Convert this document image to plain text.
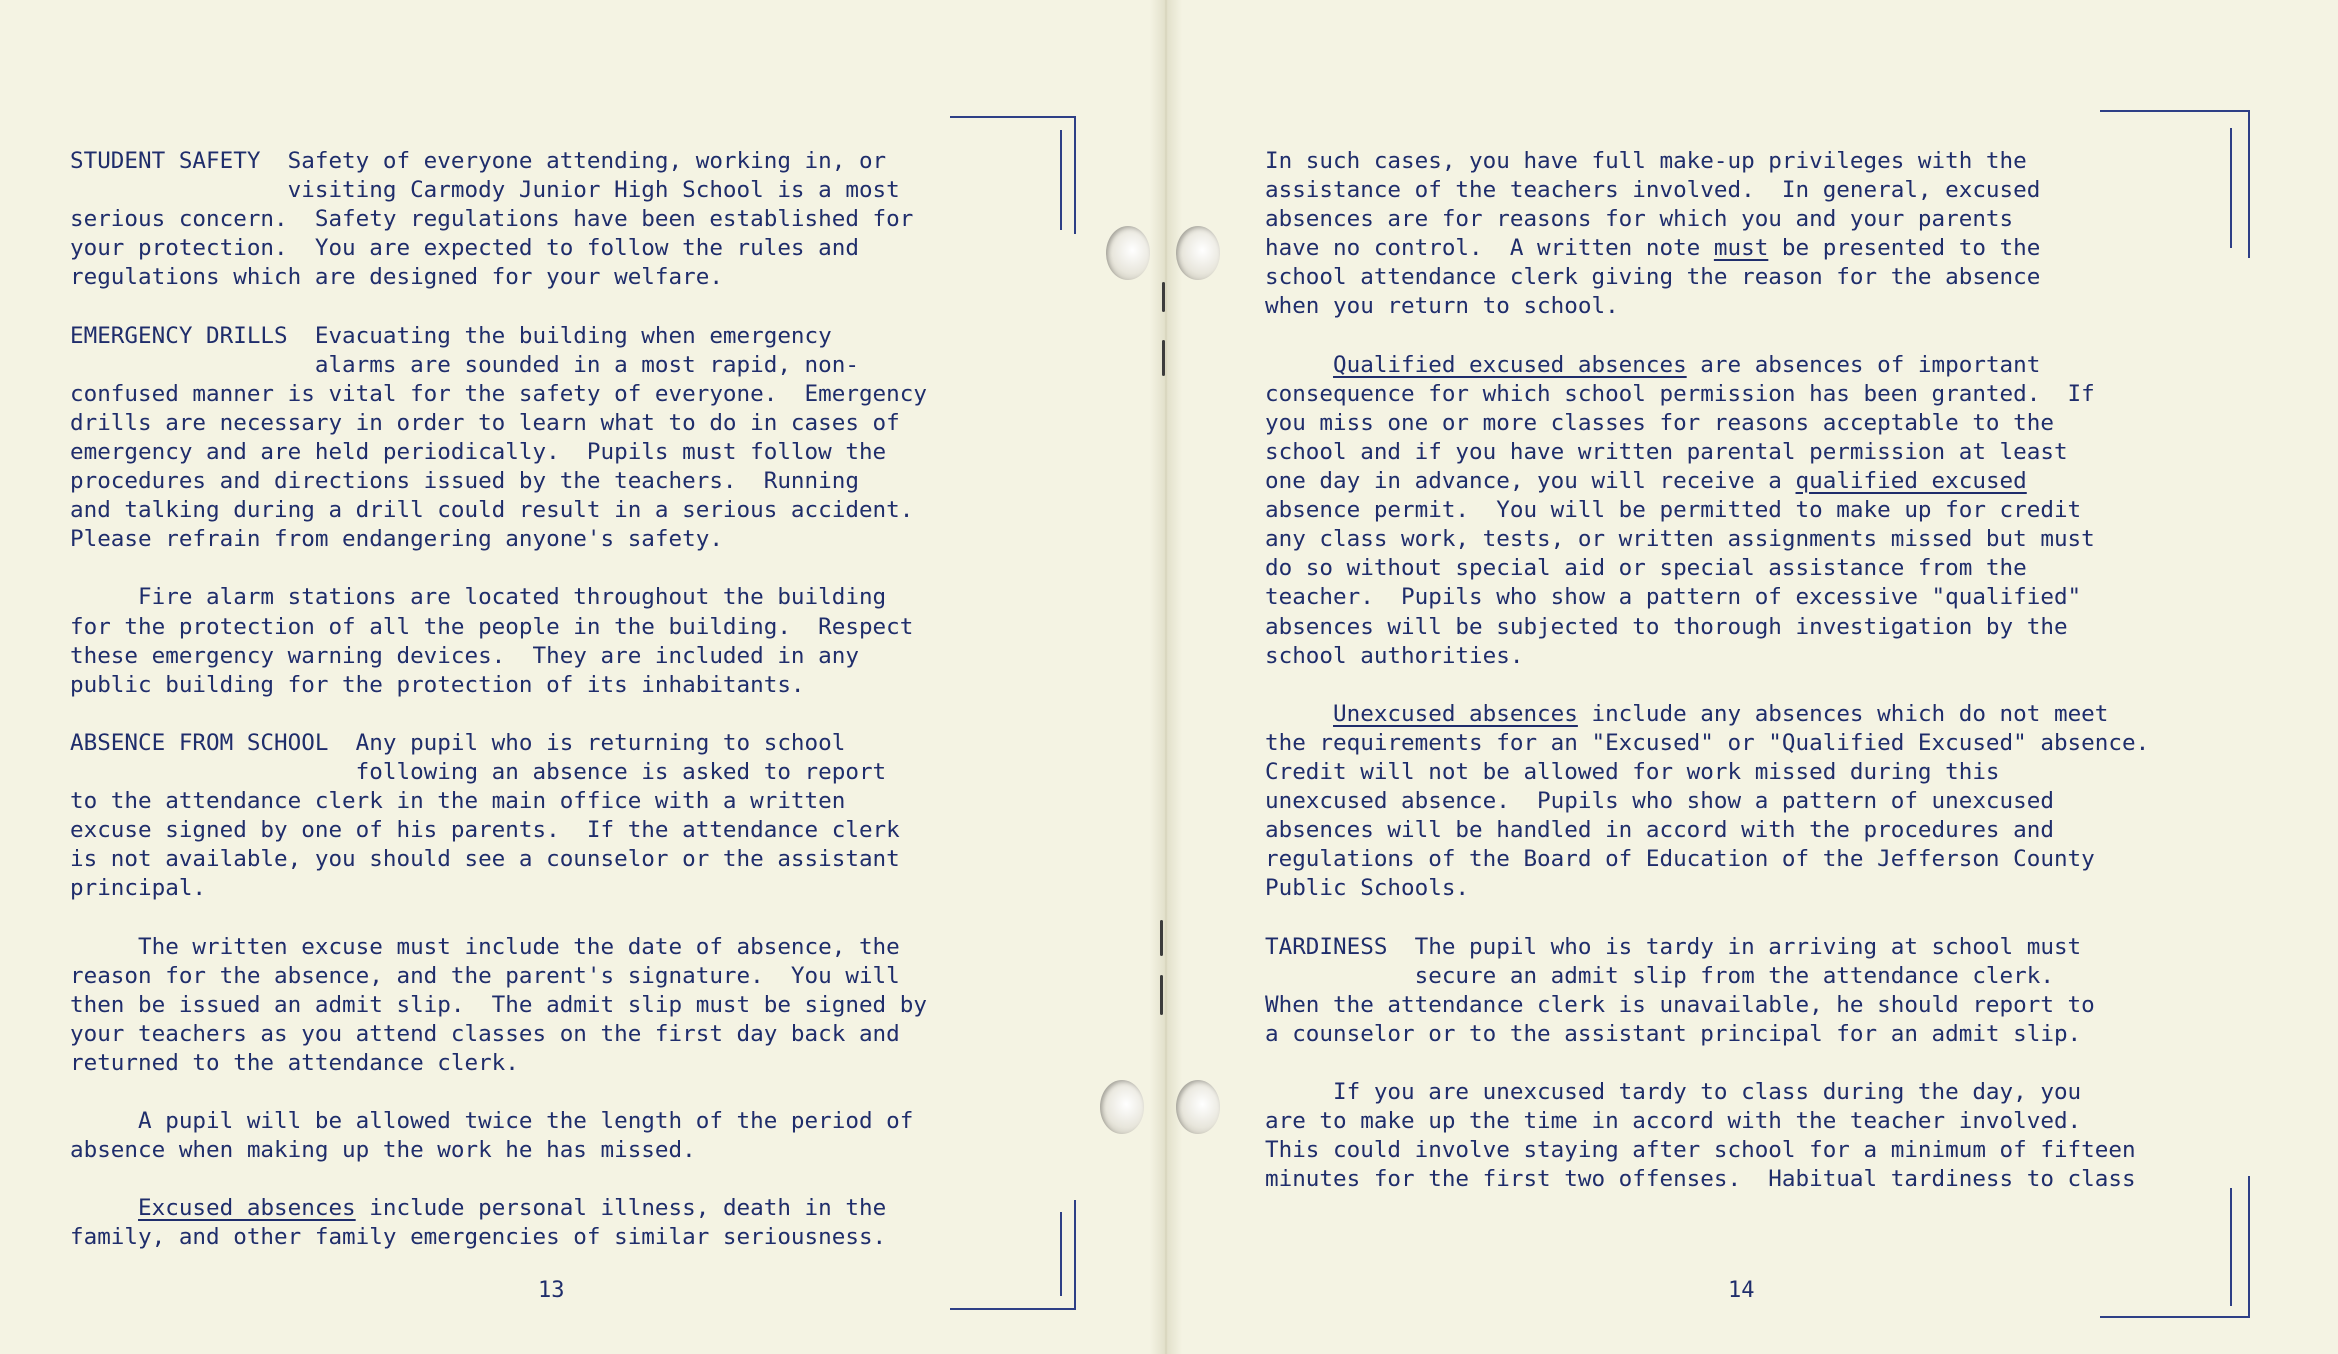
STUDENT SAFETY  Safety of everyone attending, working in, or
visiting Carmody Junior High School is a most
serious concern.  Safety regulations have been established for
your protection.  You are expected to follow the rules and
regulations which are designed for your welfare.

EMERGENCY DRILLS  Evacuating the building when emergency
alarms are sounded in a most rapid, non-
confused manner is vital for the safety of everyone.  Emergency
drills are necessary in order to learn what to do in cases of
emergency and are held periodically.  Pupils must follow the
procedures and directions issued by the teachers.  Running
and talking during a drill could result in a serious accident.
Please refrain from endangering anyone's safety.

Fire alarm stations are located throughout the building
for the protection of all the people in the building.  Respect
these emergency warning devices.  They are included in any
public building for the protection of its inhabitants.

ABSENCE FROM SCHOOL  Any pupil who is returning to school
following an absence is asked to report
to the attendance clerk in the main office with a written
excuse signed by one of his parents.  If the attendance clerk
is not available, you should see a counselor or the assistant
principal.

The written excuse must include the date of absence, the
reason for the absence, and the parent's signature.  You will
then be issued an admit slip.  The admit slip must be signed by
your teachers as you attend classes on the first day back and
returned to the attendance clerk.

A pupil will be allowed twice the length of the period of
absence when making up the work he has missed.

Excused absences include personal illness, death in the
family, and other family emergencies of similar seriousness.
In such cases, you have full make-up privileges with the
assistance of the teachers involved.  In general, excused
absences are for reasons for which you and your parents
have no control.  A written note must be presented to the
school attendance clerk giving the reason for the absence
when you return to school.

Qualified excused absences are absences of important
consequence for which school permission has been granted.  If
you miss one or more classes for reasons acceptable to the
school and if you have written parental permission at least
one day in advance, you will receive a qualified excused
absence permit.  You will be permitted to make up for credit
any class work, tests, or written assignments missed but must
do so without special aid or special assistance from the
teacher.  Pupils who show a pattern of excessive "qualified"
absences will be subjected to thorough investigation by the
school authorities.

Unexcused absences include any absences which do not meet
the requirements for an "Excused" or "Qualified Excused" absence.
Credit will not be allowed for work missed during this
unexcused absence.  Pupils who show a pattern of unexcused
absences will be handled in accord with the procedures and
regulations of the Board of Education of the Jefferson County
Public Schools.

TARDINESS  The pupil who is tardy in arriving at school must
secure an admit slip from the attendance clerk.
When the attendance clerk is unavailable, he should report to
a counselor or to the assistant principal for an admit slip.

If you are unexcused tardy to class during the day, you
are to make up the time in accord with the teacher involved.
This could involve staying after school for a minimum of fifteen
minutes for the first two offenses.  Habitual tardiness to class
13	14
